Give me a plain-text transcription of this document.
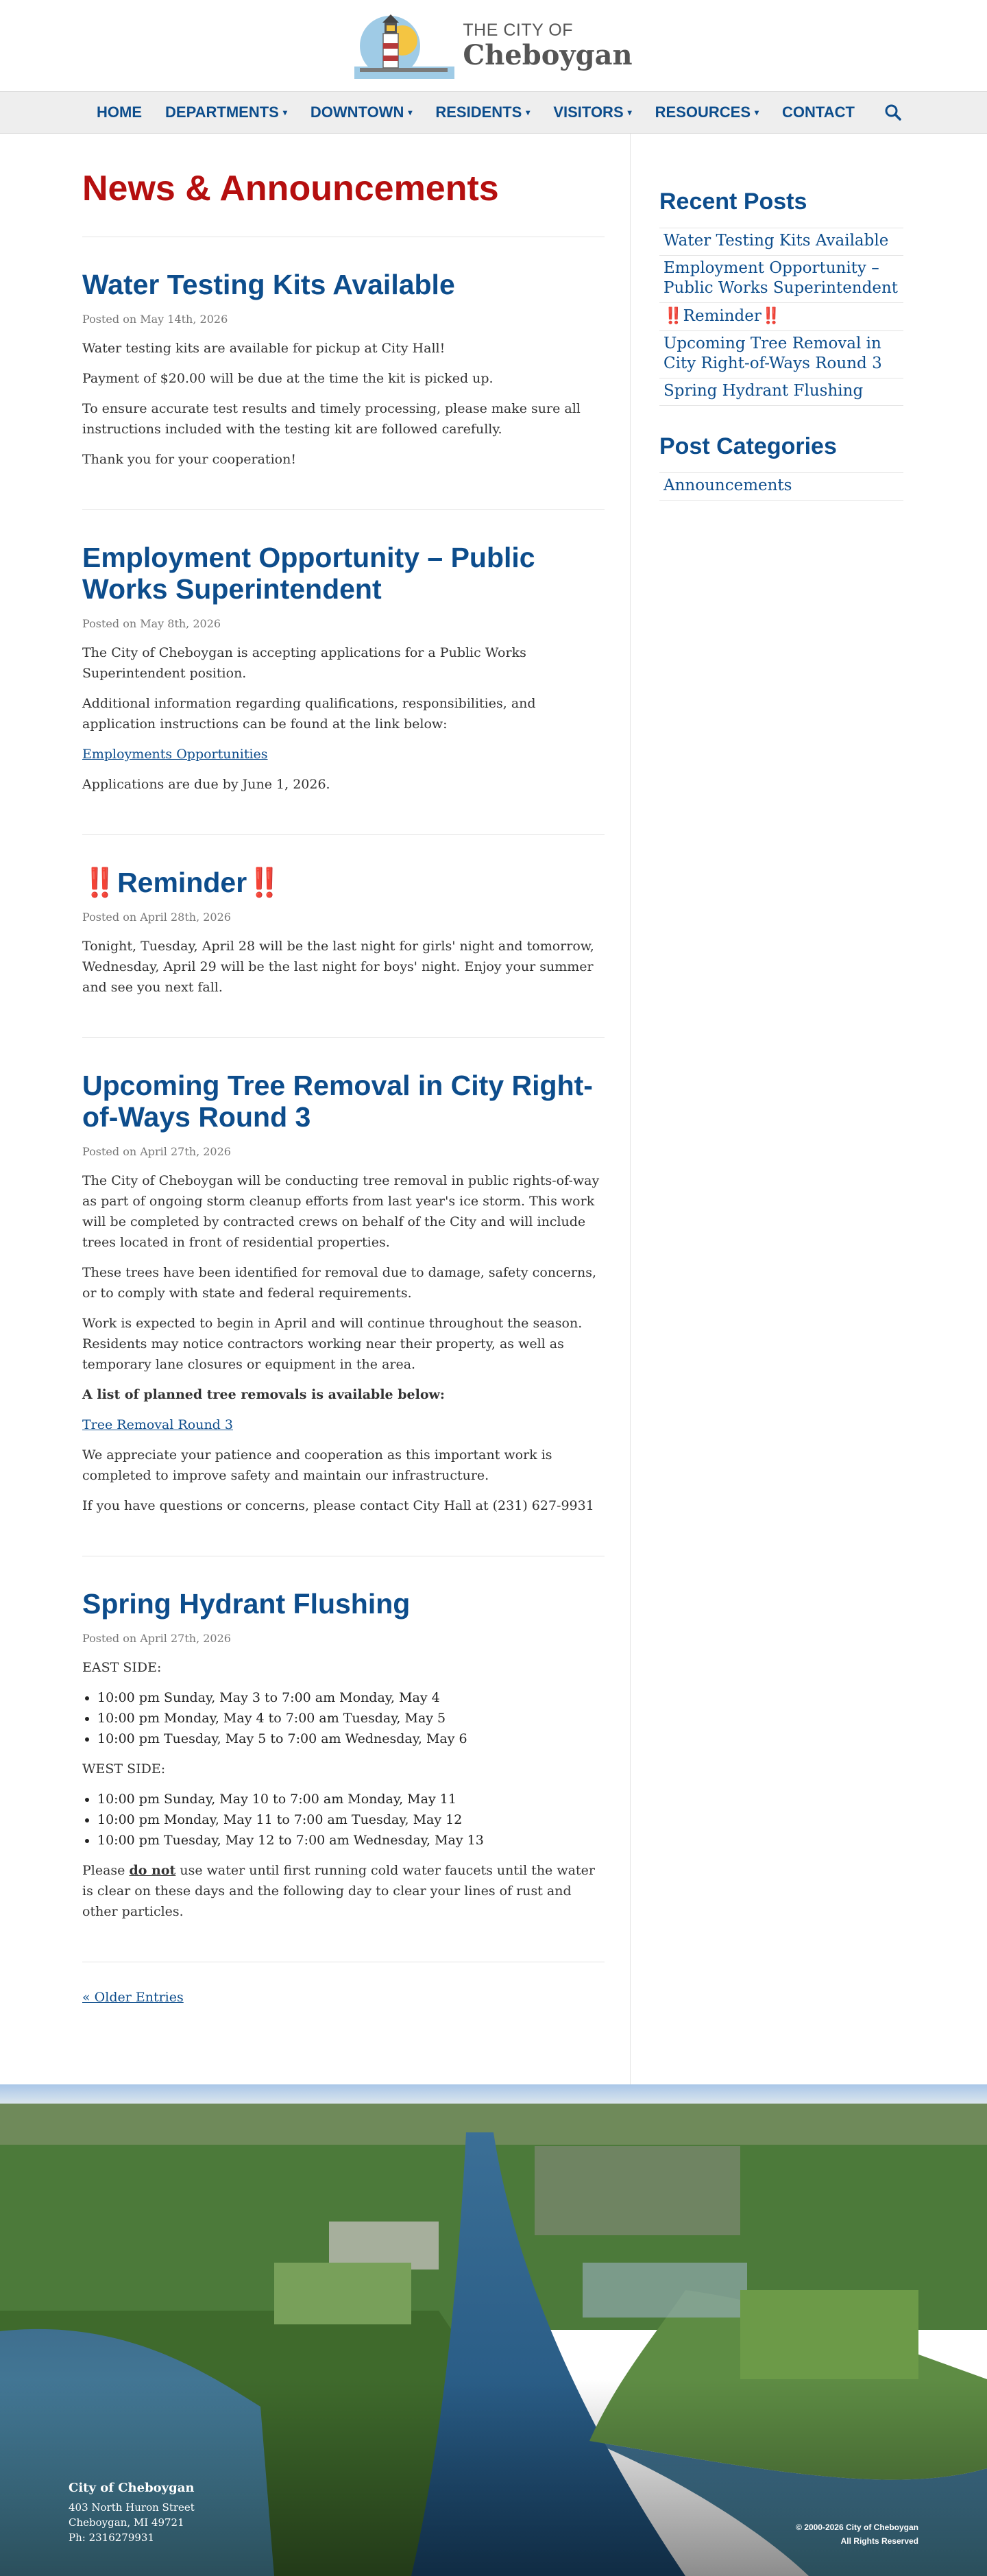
THE CITY OF
Cheboygan
HOME DEPARTMENTS ▾ DOWNTOWN ▾ RESIDENTS ▾ VISITORS ▾ RESOURCES ▾ CONTACT
News & Announcements
Water Testing Kits Available
Posted on May 14th, 2026

Water testing kits are available for pickup at City Hall!

Payment of $20.00 will be due at the time the kit is picked up.

To ensure accurate test results and timely processing, please make sure all instructions included with the testing kit are followed carefully.

Thank you for your cooperation!

Employment Opportunity – Public Works Superintendent
Posted on May 8th, 2026

The City of Cheboygan is accepting applications for a Public Works Superintendent position.

Additional information regarding qualifications, responsibilities, and application instructions can be found at the link below:

Employments Opportunities

Applications are due by June 1, 2026.

‼️Reminder‼️
Posted on April 28th, 2026

Tonight, Tuesday, April 28 will be the last night for girls' night and tomorrow, Wednesday, April 29 will be the last night for boys' night. Enjoy your summer and see you next fall.

Upcoming Tree Removal in City Right-of-Ways Round 3
Posted on April 27th, 2026

The City of Cheboygan will be conducting tree removal in public rights-of-way as part of ongoing storm cleanup efforts from last year's ice storm. This work will be completed by contracted crews on behalf of the City and will include trees located in front of residential properties.

These trees have been identified for removal due to damage, safety concerns, or to comply with state and federal requirements.

Work is expected to begin in April and will continue throughout the season. Residents may notice contractors working near their property, as well as temporary lane closures or equipment in the area.

A list of planned tree removals is available below:

Tree Removal Round 3

We appreciate your patience and cooperation as this important work is completed to improve safety and maintain our infrastructure.

If you have questions or concerns, please contact City Hall at (231) 627-9931

Spring Hydrant Flushing
Posted on April 27th, 2026

EAST SIDE:

• 10:00 pm Sunday, May 3 to 7:00 am Monday, May 4
• 10:00 pm Monday, May 4 to 7:00 am Tuesday, May 5
• 10:00 pm Tuesday, May 5 to 7:00 am Wednesday, May 6

WEST SIDE:

• 10:00 pm Sunday, May 10 to 7:00 am Monday, May 11
• 10:00 pm Monday, May 11 to 7:00 am Tuesday, May 12
• 10:00 pm Tuesday, May 12 to 7:00 am Wednesday, May 13

Please do not use water until first running cold water faucets until the water is clear on these days and the following day to clear your lines of rust and other particles.

« Older Entries
Recent Posts
Water Testing Kits Available
Employment Opportunity – Public Works Superintendent
‼️Reminder‼️
Upcoming Tree Removal in City Right-of-Ways Round 3
Spring Hydrant Flushing
Post Categories
Announcements
City of Cheboygan
403 North Huron Street
Cheboygan, MI 49721
Ph: 2316279931
© 2000-2026 City of Cheboygan
All Rights Reserved
